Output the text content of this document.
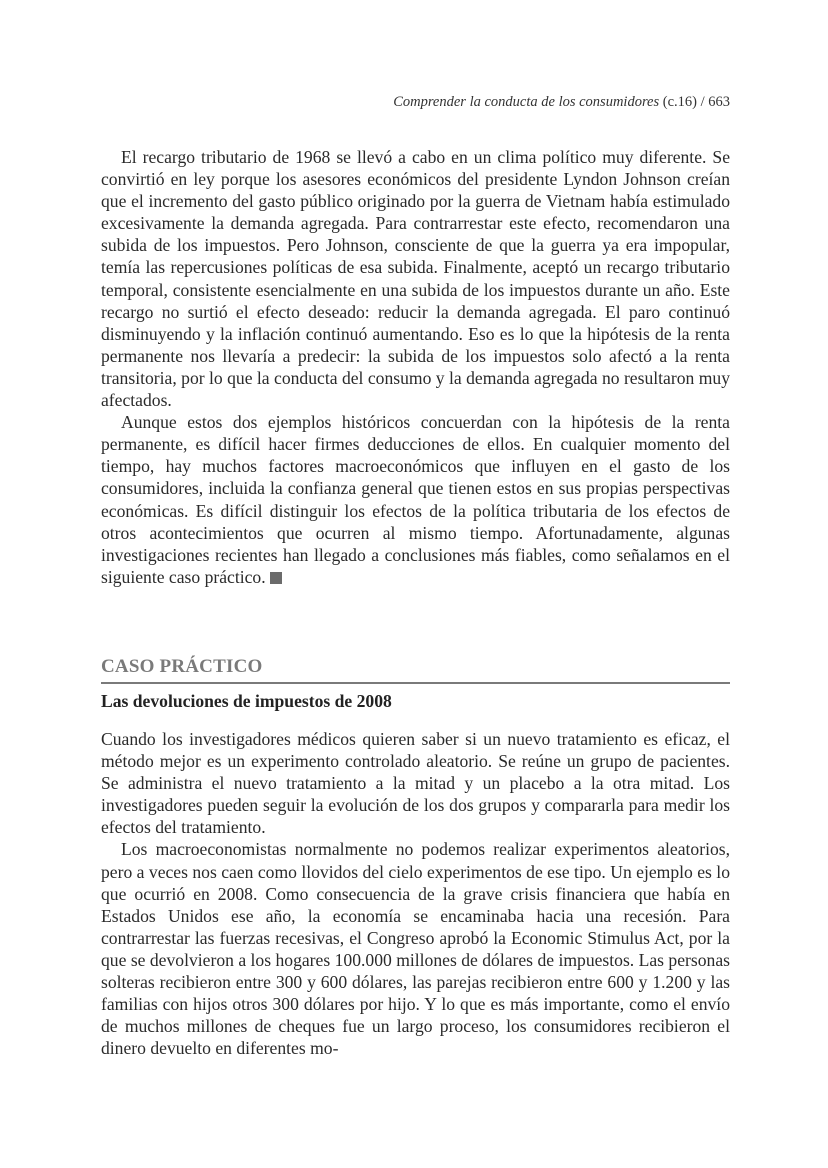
Comprender la conducta de los consumidores (c.16) / 663

El recargo tributario de 1968 se llevó a cabo en un clima político muy diferente. Se convirtió en ley porque los asesores económicos del presidente Lyndon Johnson creían que el incremento del gasto público originado por la guerra de Vietnam había estimulado excesivamente la demanda agregada. Para contrarrestar este efecto, recomendaron una subida de los impuestos. Pero Johnson, consciente de que la guerra ya era impopular, temía las repercusiones políticas de esa subida. Finalmente, aceptó un recargo tributario temporal, consistente esencialmente en una subida de los impuestos durante un año. Este recargo no surtió el efecto deseado: reducir la demanda agregada. El paro continuó disminuyendo y la inflación continuó aumentando. Eso es lo que la hipótesis de la renta permanente nos llevaría a predecir: la subida de los impuestos solo afectó a la renta transitoria, por lo que la conducta del consumo y la demanda agregada no resultaron muy afectados.

Aunque estos dos ejemplos históricos concuerdan con la hipótesis de la renta permanente, es difícil hacer firmes deducciones de ellos. En cualquier momento del tiempo, hay muchos factores macroeconómicos que influyen en el gasto de los consumidores, incluida la confianza general que tienen estos en sus propias perspectivas económicas. Es difícil distinguir los efectos de la política tributaria de los efectos de otros acontecimientos que ocurren al mismo tiempo. Afortunadamente, algunas investigaciones recientes han llegado a conclusiones más fiables, como señalamos en el siguiente caso práctico.

CASO PRÁCTICO
Las devoluciones de impuestos de 2008

Cuando los investigadores médicos quieren saber si un nuevo tratamiento es eficaz, el método mejor es un experimento controlado aleatorio. Se reúne un grupo de pacientes. Se administra el nuevo tratamiento a la mitad y un placebo a la otra mitad. Los investigadores pueden seguir la evolución de los dos grupos y compararla para medir los efectos del tratamiento.

Los macroeconomistas normalmente no podemos realizar experimentos aleatorios, pero a veces nos caen como llovidos del cielo experimentos de ese tipo. Un ejemplo es lo que ocurrió en 2008. Como consecuencia de la grave crisis financiera que había en Estados Unidos ese año, la economía se encaminaba hacia una recesión. Para contrarrestar las fuerzas recesivas, el Congreso aprobó la Economic Stimulus Act, por la que se devolvieron a los hogares 100.000 millones de dólares de impuestos. Las personas solteras recibieron entre 300 y 600 dólares, las parejas recibieron entre 600 y 1.200 y las familias con hijos otros 300 dólares por hijo. Y lo que es más importante, como el envío de muchos millones de cheques fue un largo proceso, los consumidores recibieron el dinero devuelto en diferentes mo-
